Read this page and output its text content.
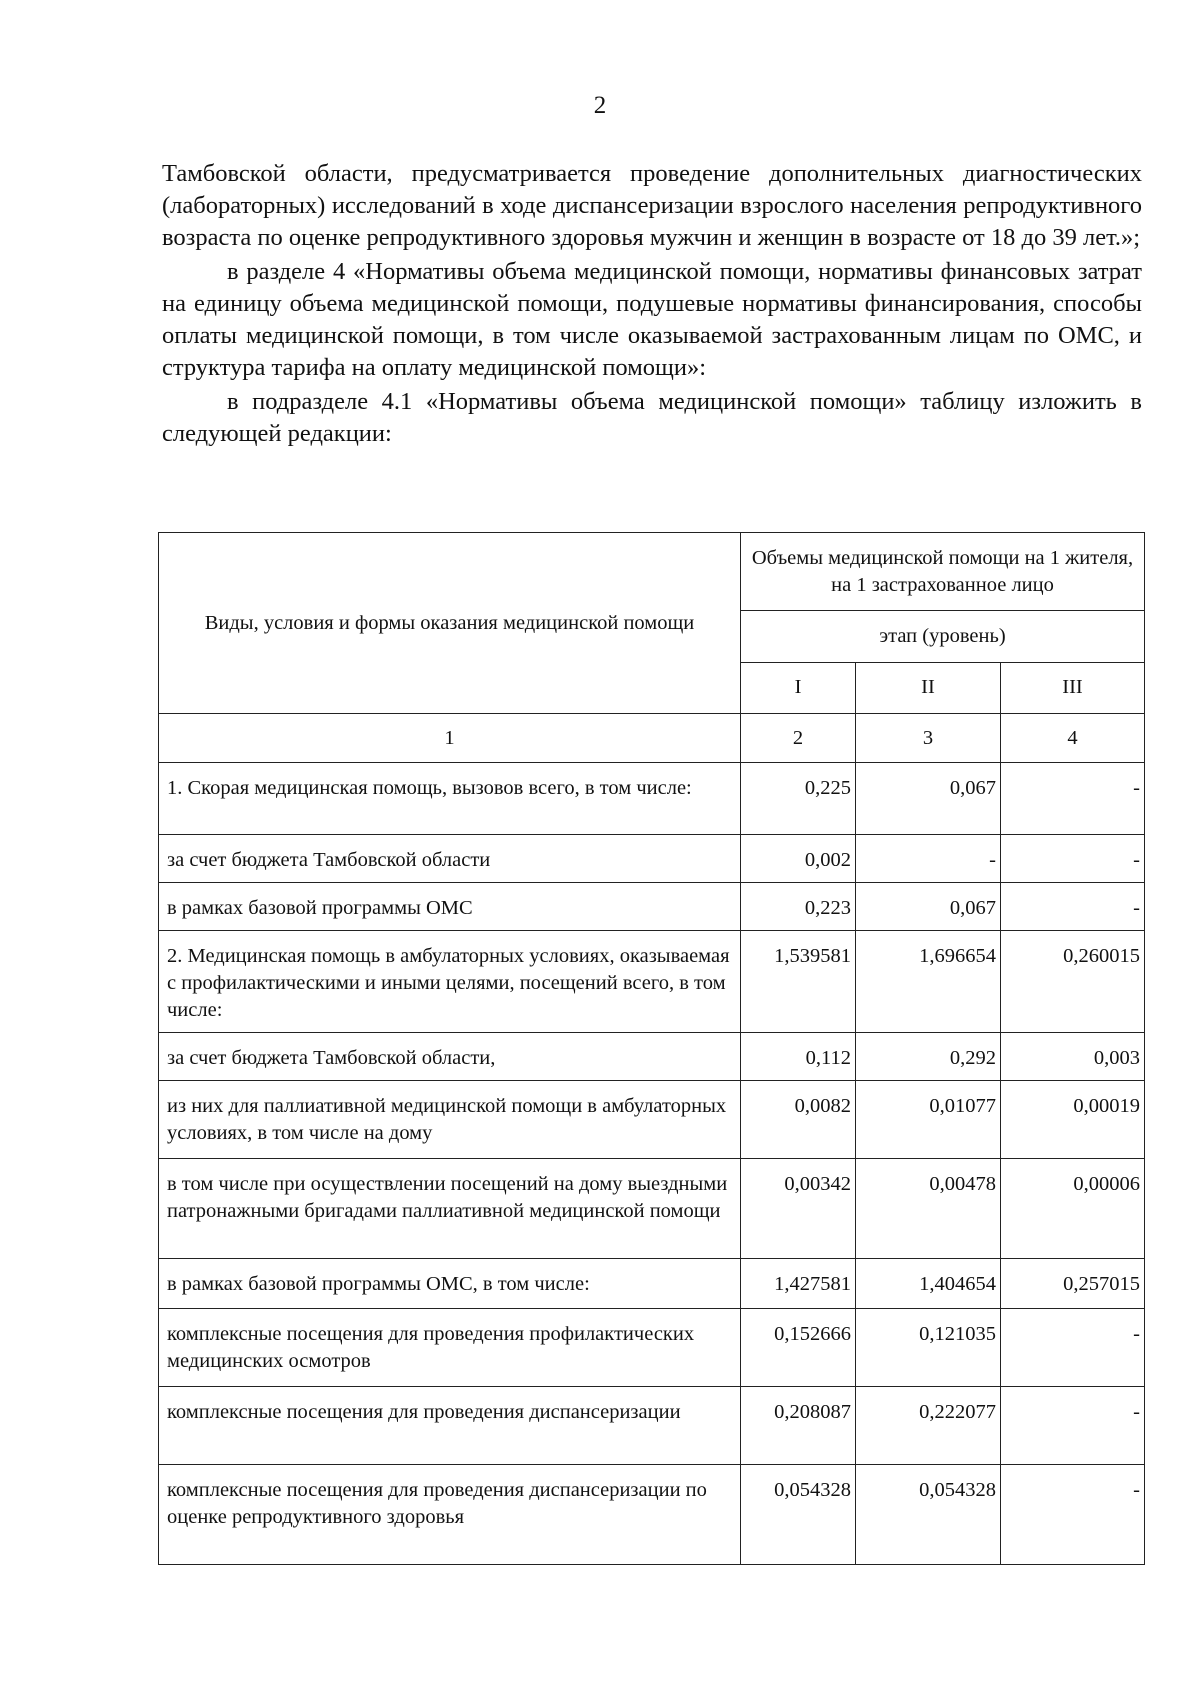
2

Тамбовской области, предусматривается проведение дополнительных диагностических (лабораторных) исследований в ходе диспансеризации взрослого населения репродуктивного возраста по оценке репродуктивного здоровья мужчин и женщин в возрасте от 18 до 39 лет.»;

в разделе 4 «Нормативы объема медицинской помощи, нормативы финансовых затрат на единицу объема медицинской помощи, подушевые нормативы финансирования, способы оплаты медицинской помощи, в том числе оказываемой застрахованным лицам по ОМС, и структура тарифа на оплату медицинской помощи»:

в подразделе 4.1 «Нормативы объема медицинской помощи» таблицу изложить в следующей редакции:

Виды, условия и формы оказания медицинской помощи	Объемы медицинской помощи на 1 жителя, на 1 застрахованное лицо		
	этап (уровень)		
	I	II	III
1	2	3	4
1. Скорая медицинская помощь, вызовов всего, в том числе:	0,225	0,067	-
за счет бюджета Тамбовской области	0,002	-	-
в рамках базовой программы ОМС	0,223	0,067	-
2. Медицинская помощь в амбулаторных условиях, оказываемая с профилактическими и иными целями, посещений всего, в том числе:	1,539581	1,696654	0,260015
за счет бюджета Тамбовской области,	0,112	0,292	0,003
из них для паллиативной медицинской помощи в амбулаторных условиях, в том числе на дому	0,0082	0,01077	0,00019
в том числе при осуществлении посещений на дому выездными патронажными бригадами паллиативной медицинской помощи	0,00342	0,00478	0,00006
в рамках базовой программы ОМС, в том числе:	1,427581	1,404654	0,257015
комплексные посещения для проведения профилактических медицинских осмотров	0,152666	0,121035	-
комплексные посещения для проведения диспансеризации	0,208087	0,222077	-
комплексные посещения для проведения диспансеризации по оценке репродуктивного здоровья	0,054328	0,054328	-
